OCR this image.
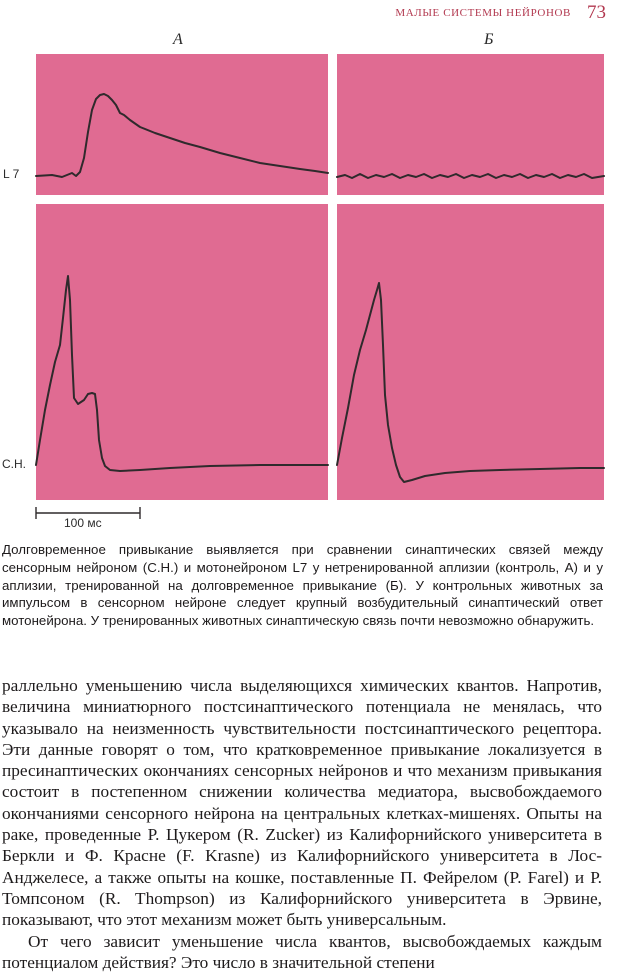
МАЛЫЕ СИСТЕМЫ НЕЙРОНОВ 73
А	Б
L 7
С.Н.
100 мс

Долговременное привыкание выявляется при сравнении синаптических связей между сенсорным нейроном (С.Н.) и мотонейроном L7 у нетренированной аплизии (контроль, А) и у аплизии, тренированной на долговременное привыкание (Б). У контрольных животных за импульсом в сенсорном нейроне следует крупный возбудительный синаптический ответ мотонейрона. У тренированных животных синаптическую связь почти невозможно обнаружить.

раллельно уменьшению числа выделяющихся химических квантов. Напротив, величина миниатюрного постсинаптического потенциала не менялась, что указывало на неизменность чувствительности постсинаптического рецептора. Эти данные говорят о том, что кратковременное привыкание локализуется в пресинаптических окончаниях сенсорных нейронов и что механизм привыкания состоит в постепенном снижении количества медиатора, высвобождаемого окончаниями сенсорного нейрона на центральных клетках-мишенях. Опыты на раке, проведенные Р. Цукером (R. Zucker) из Калифорнийского университета в Беркли и Ф. Красне (F. Krasne) из Калифорнийского университета в Лос-Анджелесе, а также опыты на кошке, поставленные П. Фейрелом (P. Farel) и Р. Томпсоном (R. Thompson) из Калифорнийского университета в Эрвине, показывают, что этот механизм может быть универсальным.

От чего зависит уменьшение числа квантов, высвобождаемых каждым потенциалом действия? Это число в значительной степени
